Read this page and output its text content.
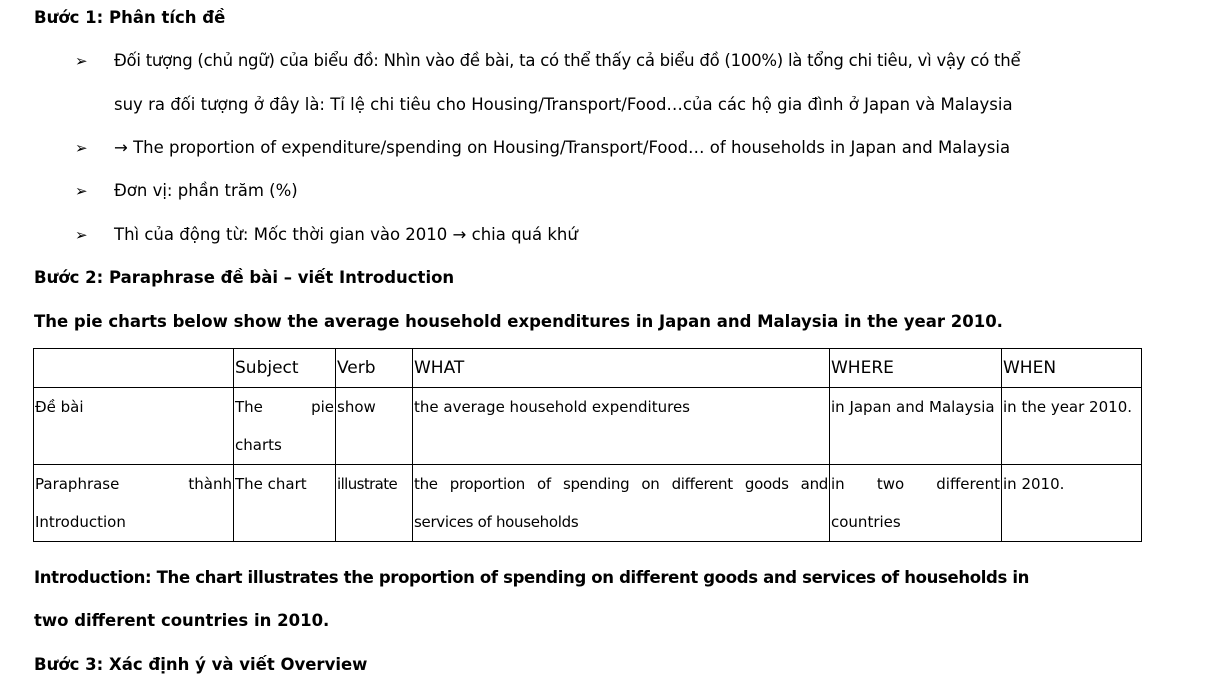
Bước 1: Phân tích đề
➢ Đối tượng (chủ ngữ) của biểu đồ: Nhìn vào đề bài, ta có thể thấy cả biểu đồ (100%) là tổng chi tiêu, vì vậy có thể
suy ra đối tượng ở đây là: Tỉ lệ chi tiêu cho Housing/Transport/Food…của các hộ gia đình ở Japan và Malaysia
➢ → The proportion of expenditure/spending on Housing/Transport/Food… of households in Japan and Malaysia
➢ Đơn vị: phần trăm (%)
➢ Thì của động từ: Mốc thời gian vào 2010 → chia quá khứ
Bước 2: Paraphrase đề bài – viết Introduction
The pie charts below show the average household expenditures in Japan and Malaysia in the year 2010.
	Subject	Verb	WHAT	WHERE	WHEN
Đề bài	The pie charts	show	the average household expenditures	in Japan and Malaysia	in the year 2010.
Paraphrase thành Introduction	The chart	illustrate	the proportion of spending on different goods and services of households	in two different countries	in 2010.
Introduction: The chart illustrates the proportion of spending on different goods and services of households in
two different countries in 2010.
Bước 3: Xác định ý và viết Overview
